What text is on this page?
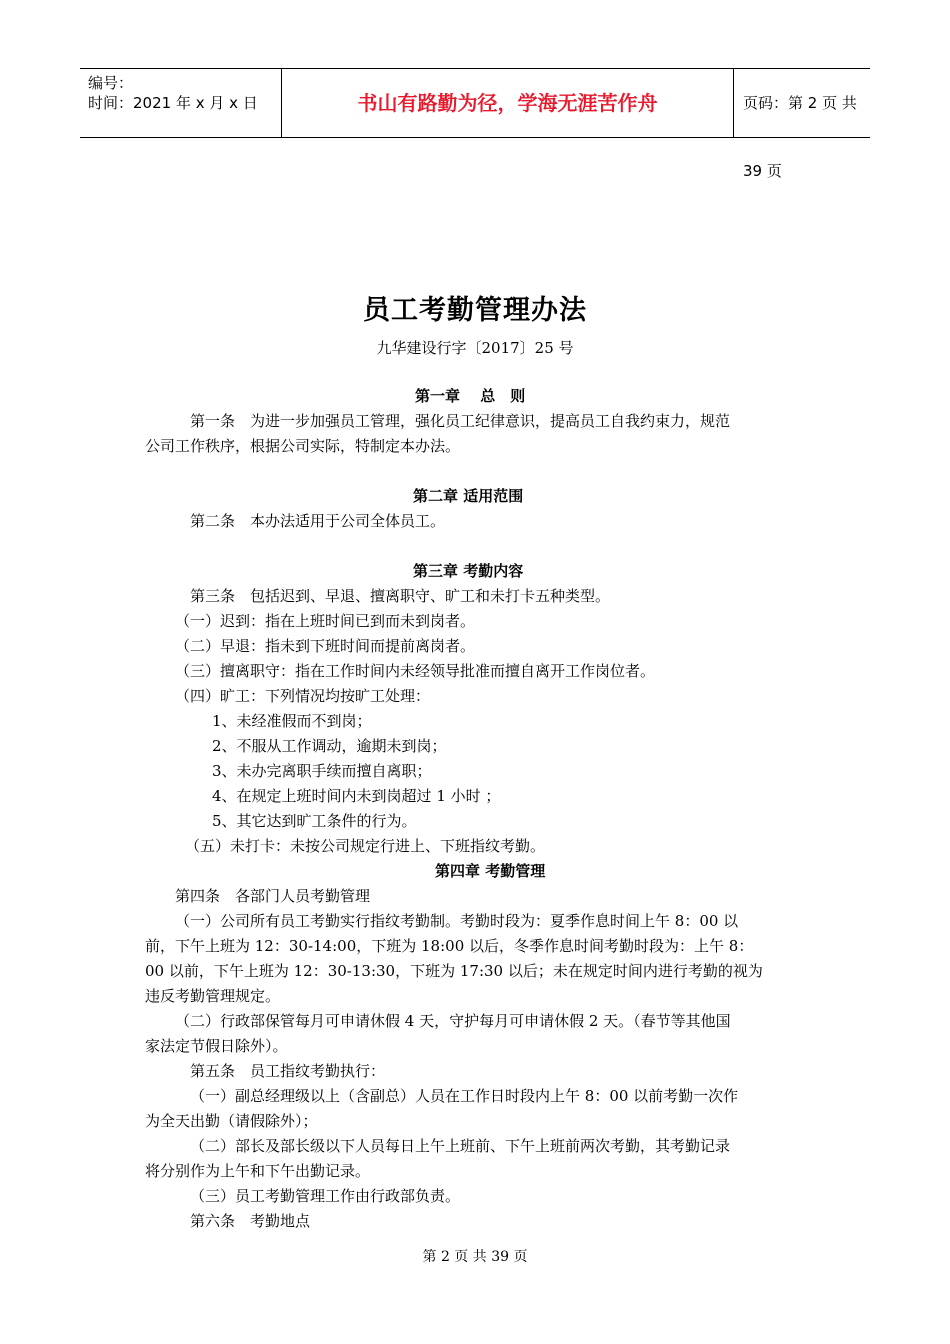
编号：
时间：2021 年 x 月 x 日	书山有路勤为径，学海无涯苦作舟	页码：第 2 页 共 39 页
员工考勤管理办法
九华建设行字〔2017〕25 号
第一章　 总　则
第一条　为进一步加强员工管理，强化员工纪律意识，提高员工自我约束力，规范
公司工作秩序，根据公司实际，特制定本办法。
第二章 适用范围
第二条　本办法适用于公司全体员工。
第三章 考勤内容
第三条　包括迟到、早退、擅离职守、旷工和未打卡五种类型。
（一）迟到：指在上班时间已到而未到岗者。
（二）早退：指未到下班时间而提前离岗者。
（三）擅离职守：指在工作时间内未经领导批准而擅自离开工作岗位者。
（四）旷工：下列情况均按旷工处理：
1、未经准假而不到岗；
2、不服从工作调动，逾期未到岗；
3、未办完离职手续而擅自离职；
4、在规定上班时间内未到岗超过 1 小时 ；
5、其它达到旷工条件的行为。
（五）未打卡：未按公司规定行进上、下班指纹考勤。
第四章 考勤管理
第四条　各部门人员考勤管理
（一）公司所有员工考勤实行指纹考勤制。考勤时段为：夏季作息时间上午 8：00 以
前，下午上班为 12：30-14:00，下班为 18:00 以后，冬季作息时间考勤时段为：上午 8：
00 以前，下午上班为 12：30-13:30，下班为 17:30 以后；未在规定时间内进行考勤的视为
违反考勤管理规定。
（二）行政部保管每月可申请休假 4 天，守护每月可申请休假 2 天。（春节等其他国
家法定节假日除外）。
第五条　员工指纹考勤执行：
（一）副总经理级以上（含副总）人员在工作日时段内上午 8：00 以前考勤一次作
为全天出勤（请假除外）；
（二）部长及部长级以下人员每日上午上班前、下午上班前两次考勤，其考勤记录
将分别作为上午和下午出勤记录。
（三）员工考勤管理工作由行政部负责。
第六条　考勤地点
第 2 页 共 39 页
